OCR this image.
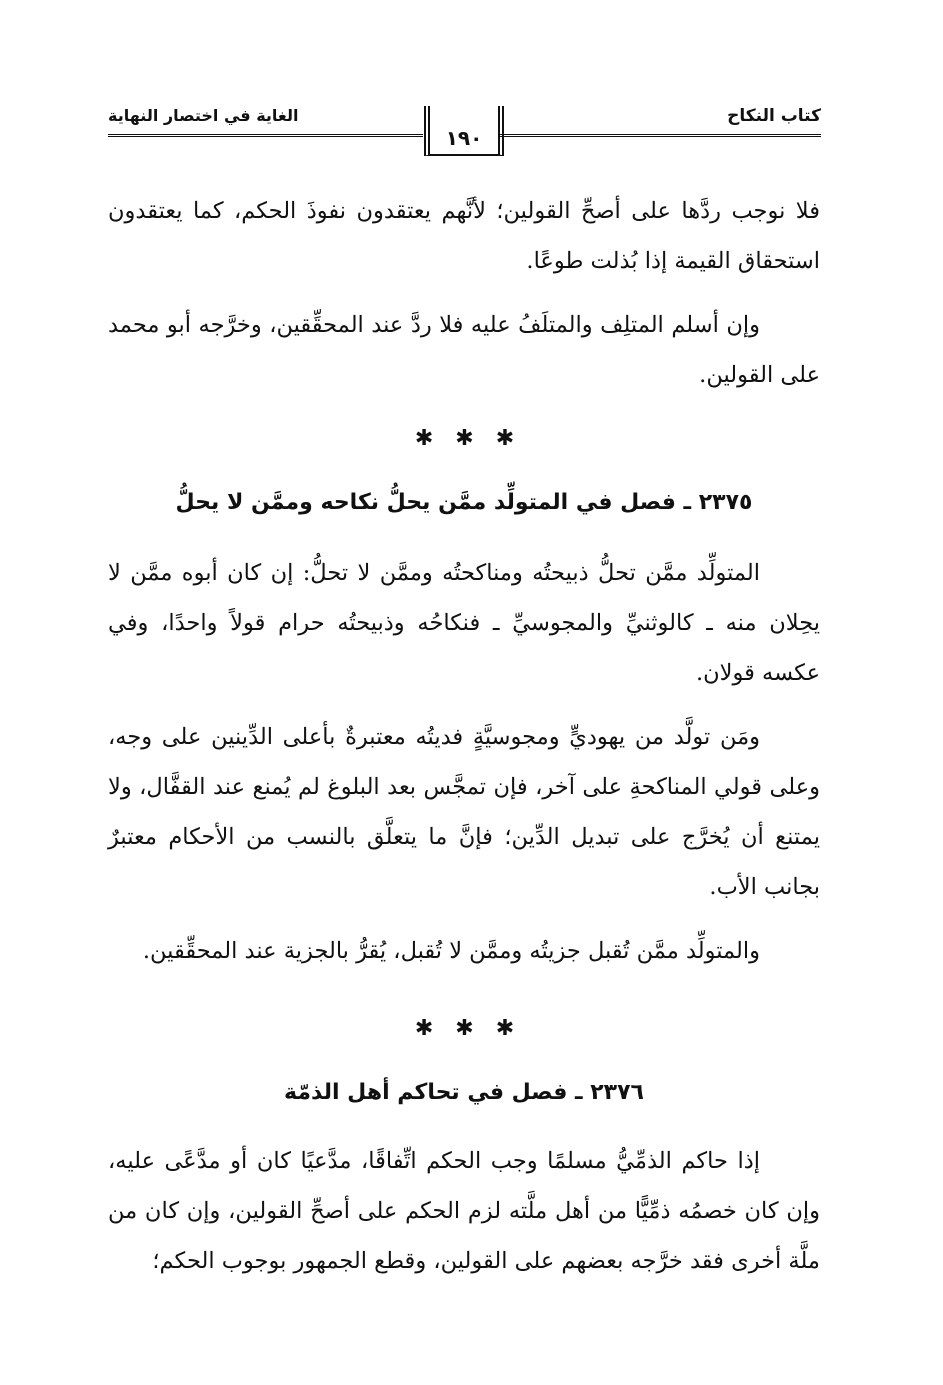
كتاب النكاح
الغاية في اختصار النهاية
١٩٠

فلا نوجب ردَّها على أصحِّ القولين؛ لأنَّهم يعتقدون نفوذَ الحكم، كما يعتقدون استحقاق القيمة إذا بُذلت طوعًا.

وإن أسلم المتلِف والمتلَفُ عليه فلا ردَّ عند المحقِّقين، وخرَّجه أبو محمد على القولين.

✱ ✱ ✱
٢٣٧٥ ـ فصل في المتولِّد ممَّن يحلُّ نكاحه وممَّن لا يحلُّ

المتولِّد ممَّن تحلُّ ذبيحتُه ومناكحتُه وممَّن لا تحلُّ: إن كان أبوه ممَّن لا يحِلان منه ـ كالوثنيِّ والمجوسيِّ ـ فنكاحُه وذبيحتُه حرام قولاً واحدًا، وفي عكسه قولان.

ومَن تولَّد من يهوديٍّ ومجوسيَّةٍ فديتُه معتبرةٌ بأعلى الدِّينين على وجه، وعلى قولي المناكحةِ على آخر، فإن تمجَّس بعد البلوغ لم يُمنع عند القفَّال، ولا يمتنع أن يُخرَّج على تبديل الدِّين؛ فإنَّ ما يتعلَّق بالنسب من الأحكام معتبرٌ بجانب الأب.

والمتولِّد ممَّن تُقبل جزيتُه وممَّن لا تُقبل، يُقرُّ بالجزية عند المحقِّقين.

✱ ✱ ✱
٢٣٧٦ ـ فصل في تحاكم أهل الذمّة

إذا حاكم الذمِّيُّ مسلمًا وجب الحكم اتِّفاقًا، مدَّعيًا كان أو مدَّعًى عليه، وإن كان خصمُه ذمِّيًّا من أهل ملَّته لزم الحكم على أصحِّ القولين، وإن كان من ملَّة أخرى فقد خرَّجه بعضهم على القولين، وقطع الجمهور بوجوب الحكم؛
